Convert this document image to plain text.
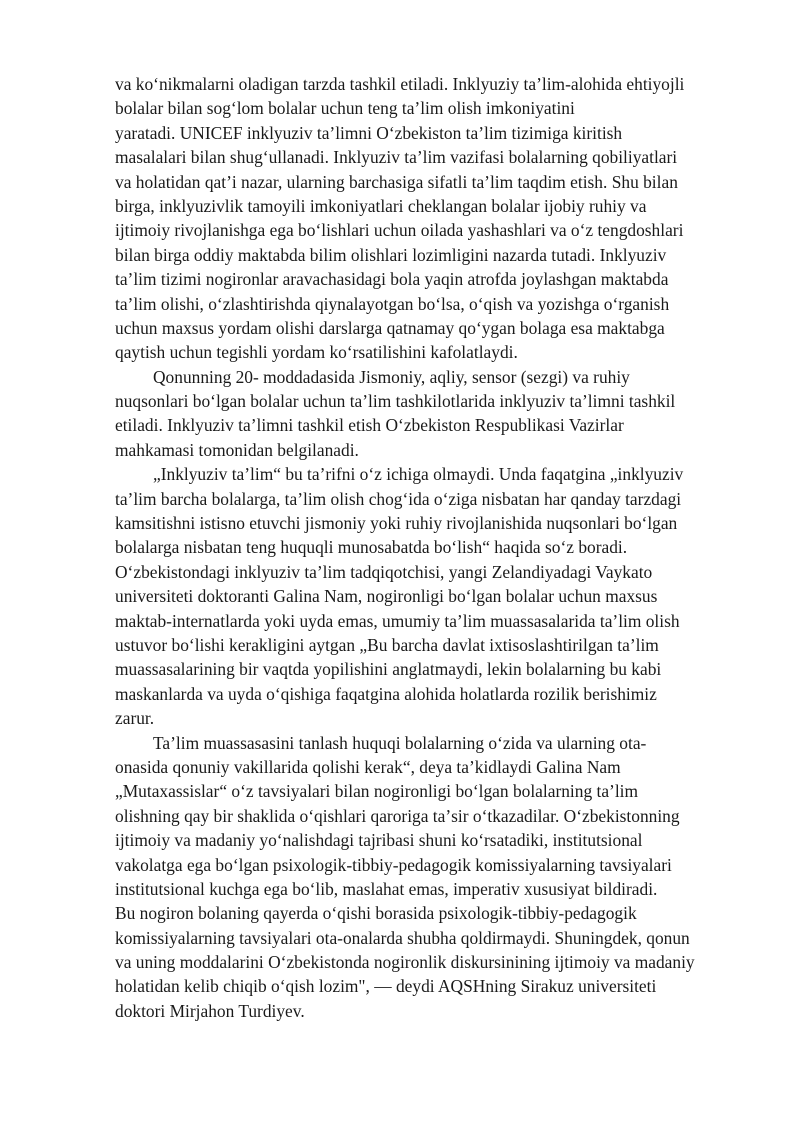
va koʻnikmalarni oladigan tarzda tashkil etiladi. Inklyuziy taʼlim-alohida ehtiyojli
bolalar bilan sogʻlom bolalar uchun teng taʼlim olish imkoniyatini
yaratadi. UNICEF inklyuziv taʼlimni Oʻzbekiston taʼlim tizimiga kiritish
masalalari bilan shugʻullanadi. Inklyuziv taʼlim vazifasi bolalarning qobiliyatlari
va holatidan qatʼi nazar, ularning barchasiga sifatli taʼlim taqdim etish. Shu bilan
birga, inklyuzivlik tamoyili imkoniyatlari cheklangan bolalar ijobiy ruhiy va
ijtimoiy rivojlanishga ega boʻlishlari uchun oilada yashashlari va oʻz tengdoshlari
bilan birga oddiy maktabda bilim olishlari lozimligini nazarda tutadi. Inklyuziv
taʼlim tizimi nogironlar aravachasidagi bola yaqin atrofda joylashgan maktabda
taʼlim olishi, oʻzlashtirishda qiynalayotgan boʻlsa, oʻqish va yozishga oʻrganish
uchun maxsus yordam olishi darslarga qatnamay qoʻygan bolaga esa maktabga
qaytish uchun tegishli yordam koʻrsatilishini kafolatlaydi.
Qonunning 20- moddadasida Jismoniy, aqliy, sensor (sezgi) va ruhiy
nuqsonlari boʻlgan bolalar uchun taʼlim tashkilotlarida inklyuziv taʼlimni tashkil
etiladi. Inklyuziv taʼlimni tashkil etish Oʻzbekiston Respublikasi Vazirlar
mahkamasi tomonidan belgilanadi.
„Inklyuziv taʼlim“ bu taʼrifni oʻz ichiga olmaydi. Unda faqatgina „inklyuziv
taʼlim barcha bolalarga, taʼlim olish chogʻida oʻziga nisbatan har qanday tarzdagi
kamsitishni istisno etuvchi jismoniy yoki ruhiy rivojlanishida nuqsonlari boʻlgan
bolalarga nisbatan teng huquqli munosabatda boʻlish“ haqida soʻz boradi.
Oʻzbekistondagi inklyuziv taʼlim tadqiqotchisi, yangi Zelandiyadagi Vaykato
universiteti doktoranti Galina Nam, nogironligi boʻlgan bolalar uchun maxsus
maktab-internatlarda yoki uyda emas, umumiy taʼlim muassasalarida taʼlim olish
ustuvor boʻlishi kerakligini aytgan „Bu barcha davlat ixtisoslashtirilgan taʼlim
muassasalarining bir vaqtda yopilishini anglatmaydi, lekin bolalarning bu kabi
maskanlarda va uyda oʻqishiga faqatgina alohida holatlarda rozilik berishimiz
zarur.
Taʼlim muassasasini tanlash huquqi bolalarning oʻzida va ularning ota-
onasida qonuniy vakillarida qolishi kerak“, deya taʼkidlaydi Galina Nam
„Mutaxassislar“ oʻz tavsiyalari bilan nogironligi boʻlgan bolalarning taʼlim
olishning qay bir shaklida oʻqishlari qaroriga taʼsir oʻtkazadilar. Oʻzbekistonning
ijtimoiy va madaniy yoʻnalishdagi tajribasi shuni koʻrsatadiki, institutsional
vakolatga ega boʻlgan psixologik-tibbiy-pedagogik komissiyalarning tavsiyalari
institutsional kuchga ega boʻlib, maslahat emas, imperativ xususiyat bildiradi.
Bu nogiron bolaning qayerda oʻqishi borasida psixologik-tibbiy-pedagogik
komissiyalarning tavsiyalari ota-onalarda shubha qoldirmaydi. Shuningdek, qonun
va uning moddalarini Oʻzbekistonda nogironlik diskursinining ijtimoiy va madaniy
holatidan kelib chiqib oʻqish lozim", — deydi AQSHning Sirakuz universiteti
doktori Mirjahon Turdiyev.
